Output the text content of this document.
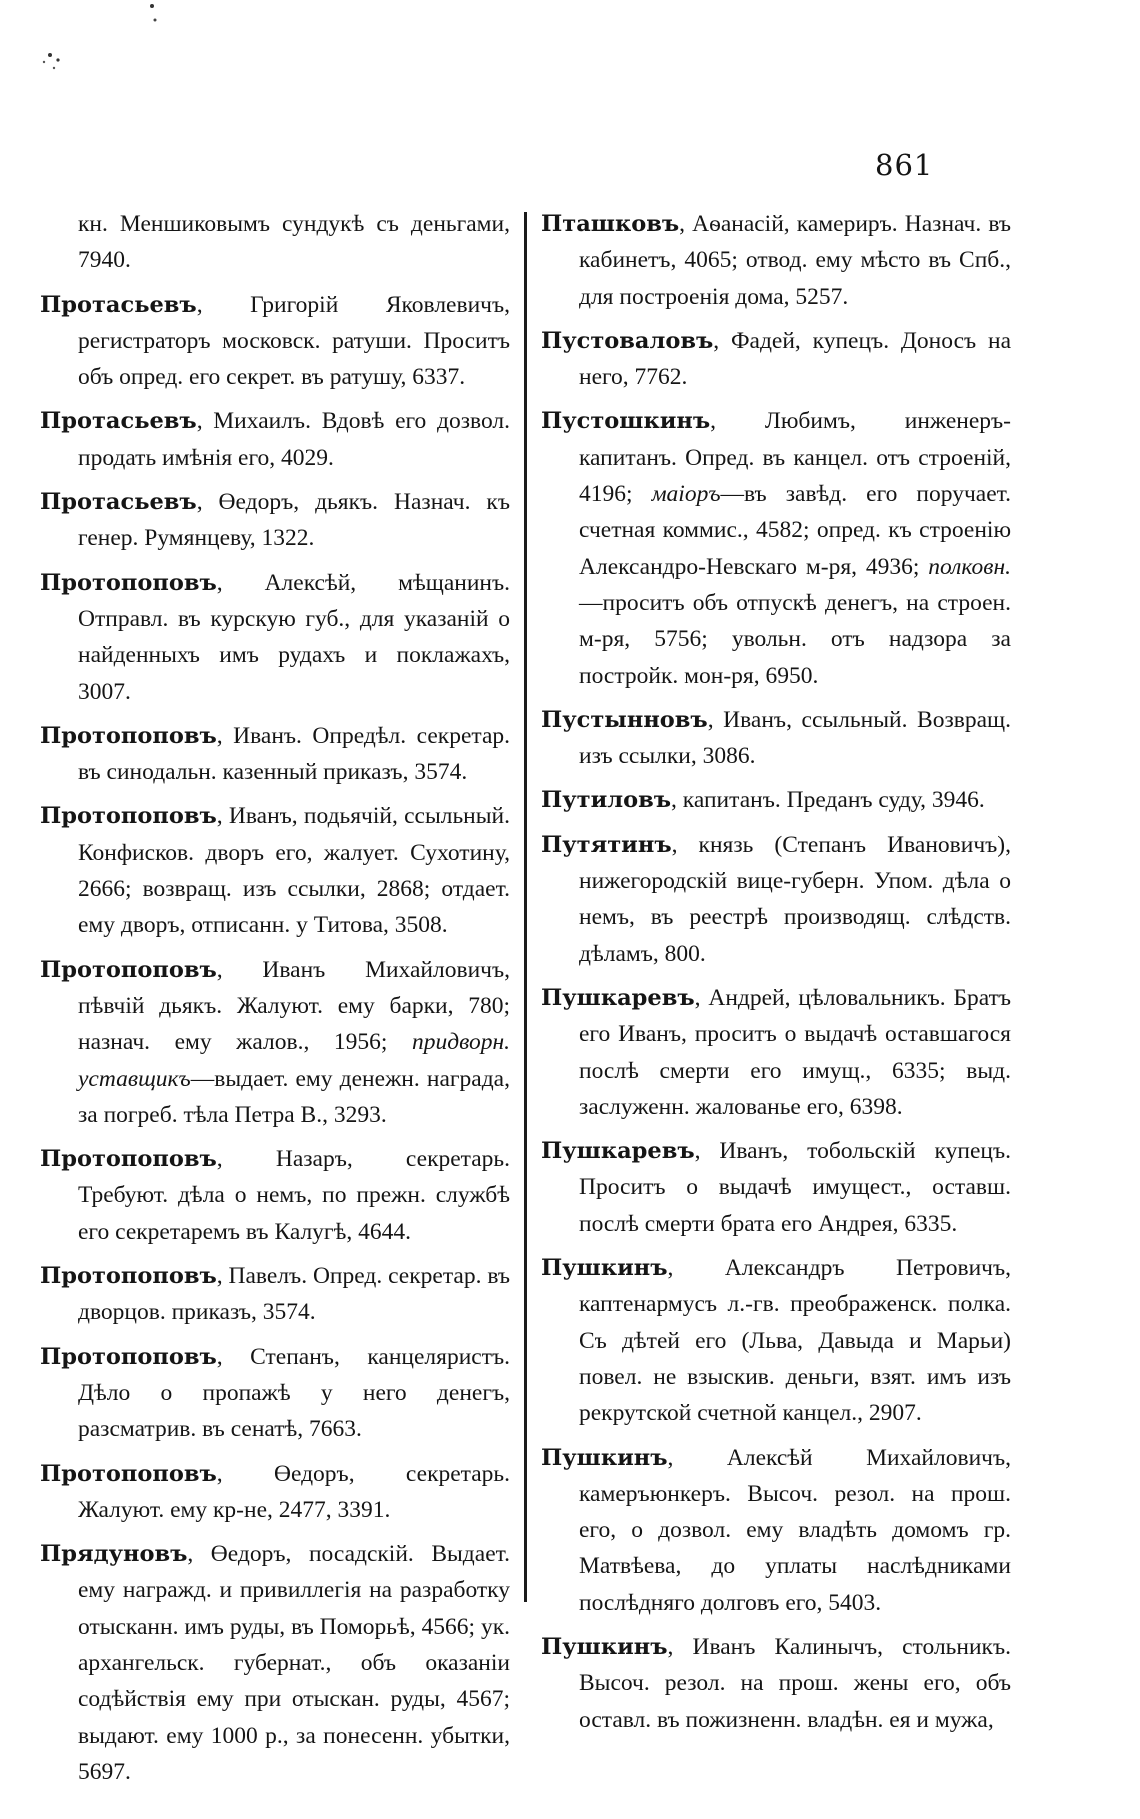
861

кн. Меншиковымъ сундукѣ съ деньгами, 7940.

Протасьевъ, Григорій Яковлевичъ, регистраторъ московск. ратуши. Проситъ объ опред. его секрет. въ ратушу, 6337.

Протасьевъ, Михаилъ. Вдовѣ его дозвол. продать имѣнія его, 4029.

Протасьевъ, Өедоръ, дьякъ. Назнач. къ генер. Румянцеву, 1322.

Протопоповъ, Алексѣй, мѣщанинъ. Отправл. въ курскую губ., для указаній о найденныхъ имъ рудахъ и поклажахъ, 3007.

Протопоповъ, Иванъ. Опредѣл. секретар. въ синодальн. казенный приказъ, 3574.

Протопоповъ, Иванъ, подьячій, ссыльный. Конфисков. дворъ его, жалует. Сухотину, 2666; возвращ. изъ ссылки, 2868; отдает. ему дворъ, отписанн. у Титова, 3508.

Протопоповъ, Иванъ Михайловичъ, пѣвчій дьякъ. Жалуют. ему барки, 780; назнач. ему жалов., 1956; придворн. уставщикъ—выдает. ему денежн. награда, за погреб. тѣла Петра В., 3293.

Протопоповъ, Назаръ, секретарь. Требуют. дѣла о немъ, по прежн. службѣ его секретаремъ въ Калугѣ, 4644.

Протопоповъ, Павелъ. Опред. секретар. въ дворцов. приказъ, 3574.

Протопоповъ, Степанъ, канцеляристъ. Дѣло о пропажѣ у него денегъ, разсматрив. въ сенатѣ, 7663.

Протопоповъ, Өедоръ, секретарь. Жалуют. ему кр-не, 2477, 3391.

Прядуновъ, Өедоръ, посадскій. Выдает. ему награжд. и привиллегія на разработку отысканн. имъ руды, въ Поморьѣ, 4566; ук. архангельск. губернат., объ оказаніи содѣйствія ему при отыскан. руды, 4567; выдают. ему 1000 р., за понесенн. убытки, 5697.

Пташковъ, Аѳанасій, камериръ. Назнач. въ кабинетъ, 4065; отвод. ему мѣсто въ Спб., для построенія дома, 5257.

Пустоваловъ, Фадей, купецъ. Доносъ на него, 7762.

Пустошкинъ, Любимъ, инженеръ-капитанъ. Опред. въ канцел. отъ строеній, 4196; маіоръ—въ завѣд. его поручает. счетная коммис., 4582; опред. къ строенію Александро-Невскаго м-ря, 4936; полковн.—проситъ объ отпускѣ денегъ, на строен. м-ря, 5756; увольн. отъ надзора за постройк. мон-ря, 6950.

Пустынновъ, Иванъ, ссыльный. Возвращ. изъ ссылки, 3086.

Путиловъ, капитанъ. Преданъ суду, 3946.

Путятинъ, князь (Степанъ Ивановичъ), нижегородскій вице-губерн. Упом. дѣла о немъ, въ реестрѣ производящ. слѣдств. дѣламъ, 800.

Пушкаревъ, Андрей, цѣловальникъ. Братъ его Иванъ, проситъ о выдачѣ оставшагося послѣ смерти его имущ., 6335; выд. заслуженн. жалованье его, 6398.

Пушкаревъ, Иванъ, тобольскій купецъ. Проситъ о выдачѣ имущест., оставш. послѣ смерти брата его Андрея, 6335.

Пушкинъ, Александръ Петровичъ, каптенармусъ л.-гв. преображенск. полка. Съ дѣтей его (Льва, Давыда и Марьи) повел. не взыскив. деньги, взят. имъ изъ рекрутской счетной канцел., 2907.

Пушкинъ, Алексѣй Михайловичъ, камеръюнкеръ. Высоч. резол. на прош. его, о дозвол. ему владѣть домомъ гр. Матвѣева, до уплаты наслѣдниками послѣдняго долговъ его, 5403.

Пушкинъ, Иванъ Калинычъ, стольникъ. Высоч. резол. на прош. жены его, объ оставл. въ пожизненн. владѣн. ея и мужа,
